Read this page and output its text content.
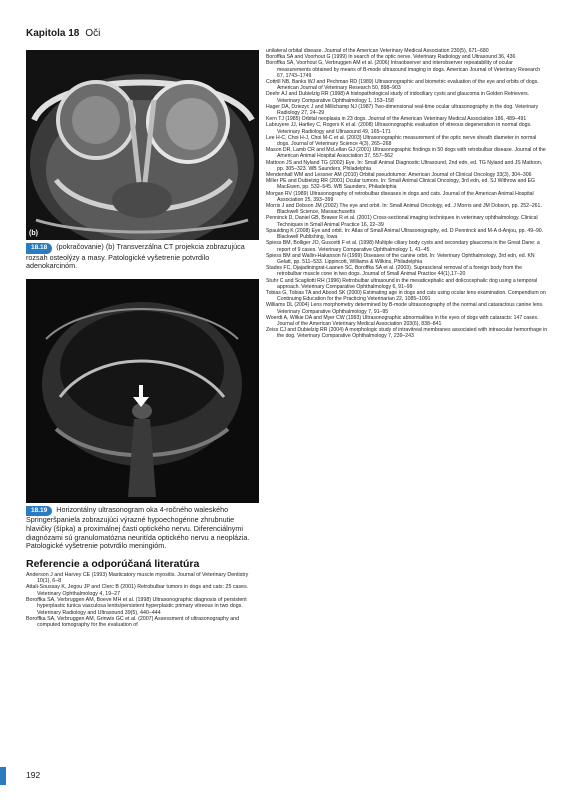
Kapitola 18 Oči
(b)

18.18 (pokračovanie) (b) Transverzálna CT projekcia zobrazujúca rozsah osteolýzy a masy. Patologické vyšetrenie potvrdilo adenokarcinóm.

18.19 Horizontálny ultrasonogram oka 4-ročného waleského Springeršpaniela zobrazujúci výrazné hypoechogénne zhrubnutie hlavičky (šípka) a proximálnej časti optického nervu. Diferenciálnymi diagnózami sú granulomatózna neuritída optického nervu a neoplázia. Patologické vyšetrenie potvrdilo meningióm.

Referencie a odporúčaná literatúra
Anderson J and Harvey CE (1993) Masticatory muscle myositis. Journal of Veterinary Dentistry 10(1), 6–8
Attali-Soussay K, Jegou JP and Clerc B (2001) Retrobulbar tumors in dogs and cats: 25 cases. Veterinary Ophthalmology 4, 19–27
Boroffka SA, Verbruggen AM, Boeve MH et al. (1998) Ultrasonographic diagnosis of persistent hyperplastic tunica vasculosa lentis/persistent hyperplastic primary vitreous in two dogs. Veterinary Radiology and Ultrasound 39(5), 440–444
Boroffka SA, Verbruggen AM, Grinwis GC et al. (2007) Assessment of ultrasonography and computed tomography for the evaluation of
unilateral orbital disease. Journal of the American Veterinary Medical Association 230(5), 671–680
Boroffka SA and Voorhout G (1999) In search of the optic nerve. Veterinary Radiology and Ultrasound 36, 436
Boroffka SA, Voorhout G, Verbruggen AM et al. (2006) Intraobserver and interobserver repeatability of ocular measurements obtained by means of B-mode ultrasound imaging in dogs. American Journal of Veterinary Research 67, 1743–1749
Cottrill NB, Banks WJ and Pechman RD (1989) Ultrasonographic and biometric evaluation of the eye and orbits of dogs. American Journal of Veterinary Research 50, 898–903
Deehr AJ and Dubielzig RR (1998) A histopathological study of iridociliary cysts and glaucoma in Golden Retrievers. Veterinary Comparative Ophthalmology 1, 153–158
Hager DA, Dziezyc J and Millichamp NJ (1987) Two-dimensional real-time ocular ultrasonography in the dog. Veterinary Radiology 27, 24–29
Kern TJ (1985) Orbital neoplasia in 23 dogs. Journal of the American Veterinary Medical Association 186, 489–491
Labruyere JJ, Hartley C, Rogers K et al. (2008) Ultrasonographic evaluation of vitreous degeneration in normal dogs. Veterinary Radiology and Ultrasound 49, 165–171
Lee H-C, Choi H-J, Choi M-C et al. (2003) Ultrasonographic measurement of the optic nerve sheath diameter in normal dogs. Journal of Veterinary Science 4(3), 265–268
Mason DR, Lamb CR and McLellan GJ (2001) Ultrasonographic findings in 50 dogs with retrobulbar disease. Journal of the American Animal Hospital Association 37, 557–562
Mattoon JS and Nyland TG (2002) Eye. In: Small Animal Diagnostic Ultrasound, 2nd edn, ed. TG Nyland and JS Mattoon, pp. 305–323. WB Saunders, Philadelphia
Mendenhall WM and Lessner AM (2010) Orbital pseudotumor. American Journal of Clinical Oncology 33(3), 304–306
Miller PE and Dubielzig RR (2001) Ocular tumors. In: Small Animal Clinical Oncology, 3rd edn, ed. SJ Withrow and EG MacEwen, pp. 532–545. WB Saunders, Philadelphia
Morgan RV (1989) Ultrasonography of retrobulbar diseases in dogs and cats. Journal of the American Animal Hospital Association 25, 393–399
Morris J and Dobson JM (2002) The eye and orbit. In: Small Animal Oncology, ed. J Morris and JM Dobson, pp. 252–261. Blackwell Science, Massachusetts
Penninck D, Daniel GB, Brawer R et al. (2001) Cross-sectional imaging techniques in veterinary ophthalmology. Clinical Techniques in Small Animal Practice 16, 22–39
Spaulding K (2008) Eye and orbit. In: Atlas of Small Animal Ultrasonography, ed. D Penninck and M-A d-Anjou, pp. 49–90. Blackwell Publishing, Iowa
Spiess BM, Bolliger JO, Guscetti F et al. (1998) Multiple ciliary body cysts and secondary glaucoma in the Great Dane: a report of 9 cases. Veterinary Comparative Ophthalmology 1, 41–45
Spiess BM and Wallin-Hakanson N (1999) Diseases of the canine orbit. In: Veterinary Ophthalmology, 3rd edn, ed. KN Gelatt, pp. 511–533. Lippincott, Williams & Wilkins, Philadelphia
Stades FC, Djajadiningrat-Laanen SC, Boroffka SA et al. (2003). Suprascleral removal of a foreign body from the retrobulbar muscle cone in two dogs. Journal of Small Animal Practice 44(1),17–20
Stuhr C and Scagliotti RH (1996) Retrobulbar ultrasound in the mesaticephalic and dolicocephalic dog using a temporal approach. Veterinary Comparative Ophthalmology 6, 91–99
Tobias G, Tobias TA and Abood SK (2000) Estimating age in dogs and cats using ocular lens examination. Compendium on Continuing Education for the Practicing Veterinarian 22, 1085–1091
Williams DL (2004) Lens morphometry determined by B-mode ultrasonography of the normal and cataractous canine lens. Veterinary Comparative Ophthalmology 7, 91–95
Woerdt A, Wilkie DA and Myer CW (1993) Ultrasonographic abnormalities in the eyes of dogs with cataracts: 147 cases. Journal of the American Veterinary Medical Association 203(6), 838–841
Zeiss CJ and Dubielzig RR (2004) A morphologic study of intravitreal membranes associated with intraocular hemorrhage in the dog. Veterinary Comparative Ophthalmology 7, 239–243
192
